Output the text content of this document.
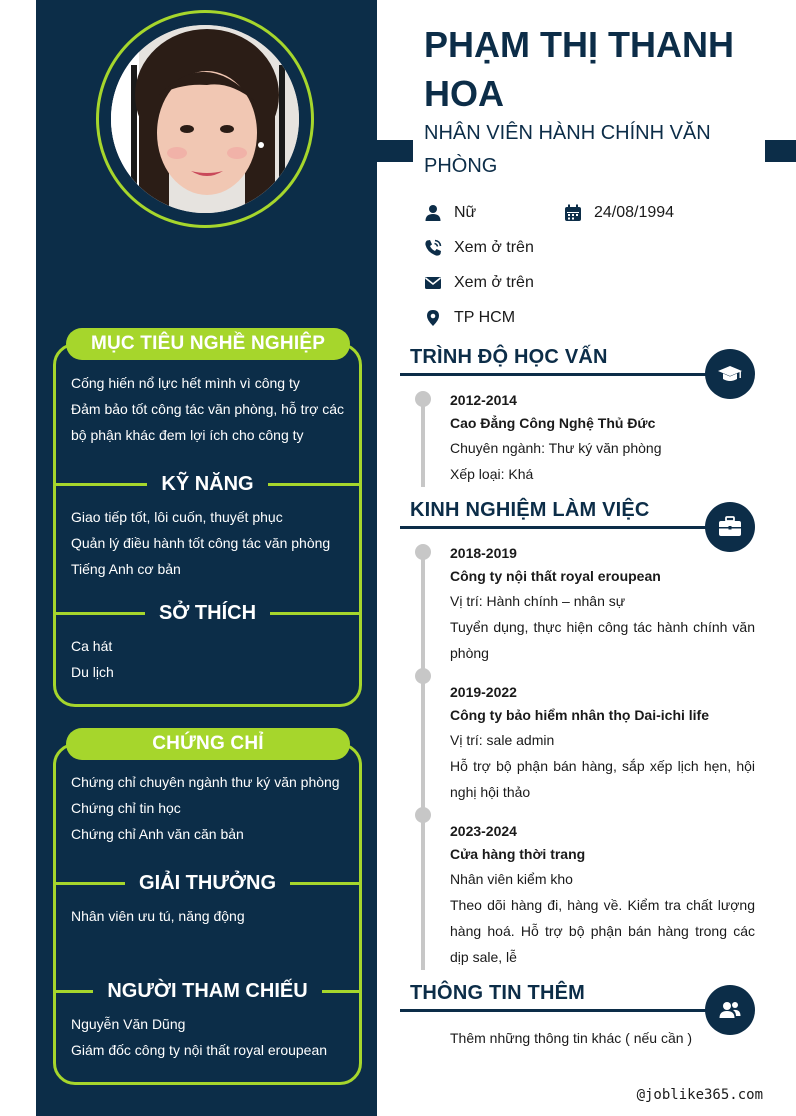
MỤC TIÊU NGHỀ NGHIỆP
Cống hiến nổ lực hết mình vì công ty
Đảm bảo tốt công tác văn phòng, hỗ trợ các
bộ phận khác đem lợi ích cho công ty
KỸ NĂNG
Giao tiếp tốt, lôi cuốn, thuyết phục
Quản lý điều hành tốt công tác văn phòng
Tiếng Anh cơ bản
SỞ THÍCH
Ca hát
Du lịch
CHỨNG CHỈ
Chứng chỉ chuyên ngành thư ký văn phòng
Chứng chỉ tin học
Chứng chỉ Anh văn căn bản
GIẢI THƯỞNG
Nhân viên ưu tú, năng động
NGƯỜI THAM CHIẾU
Nguyễn Văn Dũng
Giám đốc công ty nội thất royal eroupean
PHẠM THỊ THANH HOA
NHÂN VIÊN HÀNH CHÍNH VĂN PHÒNG
Nữ	24/08/1994
Xem ở trên
Xem ở trên
TP HCM
TRÌNH ĐỘ HỌC VẤN
2012-2014
Cao Đẳng Công Nghệ Thủ Đức
Chuyên ngành: Thư ký văn phòng
Xếp loại: Khá
KINH NGHIỆM LÀM VIỆC
2018-2019
Công ty nội thất royal eroupean
Vị trí: Hành chính – nhân sự
Tuyển dụng, thực hiện công tác hành chính văn phòng
2019-2022
Công ty bảo hiểm nhân thọ Dai-ichi life
Vị trí: sale admin
Hỗ trợ bộ phận bán hàng, sắp xếp lịch hẹn, hội nghị hội thảo
2023-2024
Cửa hàng thời trang
Nhân viên kiểm kho
Theo dõi hàng đi, hàng về. Kiểm tra chất lượng hàng hoá. Hỗ trợ bộ phận bán hàng trong các dịp sale, lễ
THÔNG TIN THÊM
Thêm những thông tin khác ( nếu cần )
@joblike365.com
